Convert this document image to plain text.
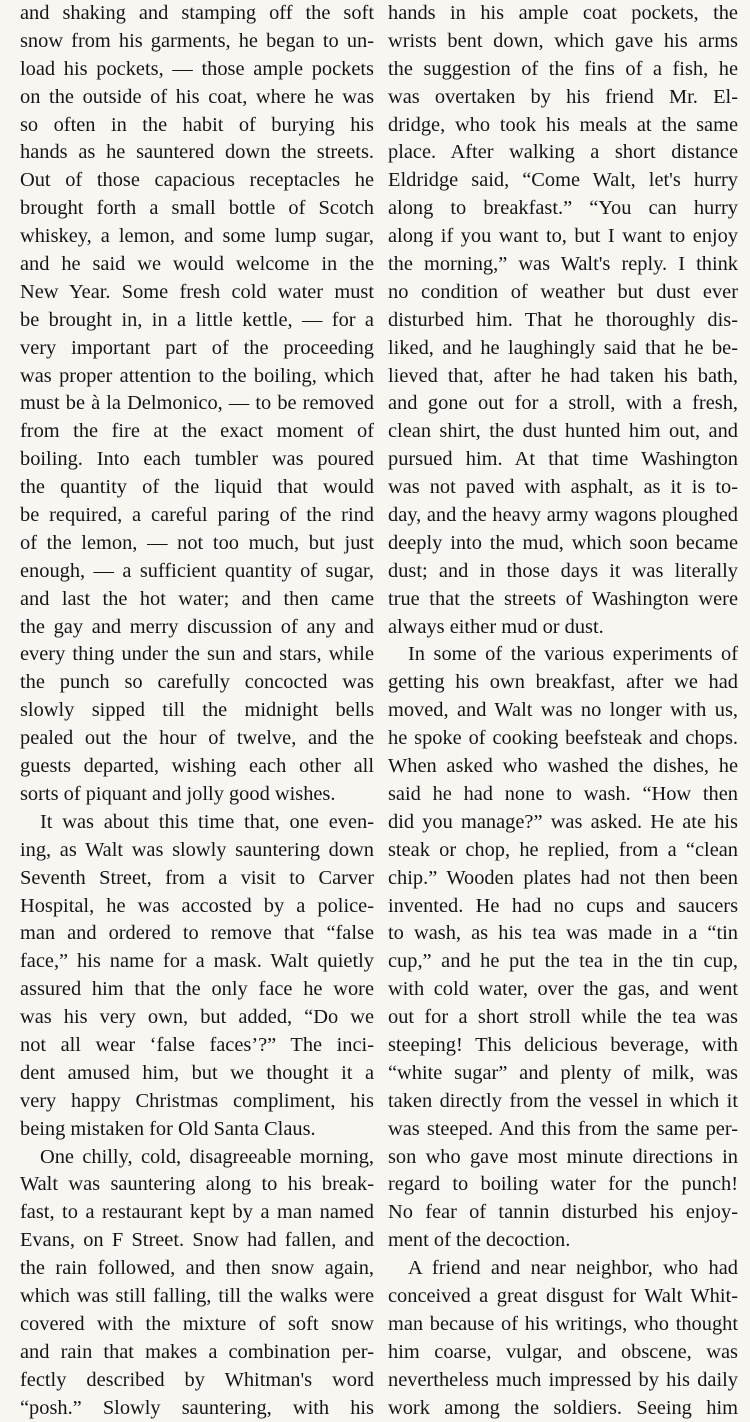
and shaking and stamping off the soft
snow from his garments, he began to un-
load his pockets, — those ample pockets
on the outside of his coat, where he was
so often in the habit of burying his
hands as he sauntered down the streets.
Out of those capacious receptacles he
brought forth a small bottle of Scotch
whiskey, a lemon, and some lump sugar,
and he said we would welcome in the
New Year. Some fresh cold water must
be brought in, in a little kettle, — for a
very important part of the proceeding
was proper attention to the boiling, which
must be à la Delmonico, — to be removed
from the fire at the exact moment of
boiling. Into each tumbler was poured
the quantity of the liquid that would
be required, a careful paring of the rind
of the lemon, — not too much, but just
enough, — a sufficient quantity of sugar,
and last the hot water; and then came
the gay and merry discussion of any and
every thing under the sun and stars, while
the punch so carefully concocted was
slowly sipped till the midnight bells
pealed out the hour of twelve, and the
guests departed, wishing each other all
sorts of piquant and jolly good wishes.
It was about this time that, one even-
ing, as Walt was slowly sauntering down
Seventh Street, from a visit to Carver
Hospital, he was accosted by a police-
man and ordered to remove that “false
face,” his name for a mask. Walt quietly
assured him that the only face he wore
was his very own, but added, “Do we
not all wear ‘false faces’?” The inci-
dent amused him, but we thought it a
very happy Christmas compliment, his
being mistaken for Old Santa Claus.
One chilly, cold, disagreeable morning,
Walt was sauntering along to his break-
fast, to a restaurant kept by a man named
Evans, on F Street. Snow had fallen, and
the rain followed, and then snow again,
which was still falling, till the walks were
covered with the mixture of soft snow
and rain that makes a combination per-
fectly described by Whitman's word
“posh.” Slowly sauntering, with his
hands in his ample coat pockets, the
wrists bent down, which gave his arms
the suggestion of the fins of a fish, he
was overtaken by his friend Mr. El-
dridge, who took his meals at the same
place. After walking a short distance
Eldridge said, “Come Walt, let's hurry
along to breakfast.” “You can hurry
along if you want to, but I want to enjoy
the morning,” was Walt's reply. I think
no condition of weather but dust ever
disturbed him. That he thoroughly dis-
liked, and he laughingly said that he be-
lieved that, after he had taken his bath,
and gone out for a stroll, with a fresh,
clean shirt, the dust hunted him out, and
pursued him. At that time Washington
was not paved with asphalt, as it is to-
day, and the heavy army wagons ploughed
deeply into the mud, which soon became
dust; and in those days it was literally
true that the streets of Washington were
always either mud or dust.
In some of the various experiments of
getting his own breakfast, after we had
moved, and Walt was no longer with us,
he spoke of cooking beefsteak and chops.
When asked who washed the dishes, he
said he had none to wash. “How then
did you manage?” was asked. He ate his
steak or chop, he replied, from a “clean
chip.” Wooden plates had not then been
invented. He had no cups and saucers
to wash, as his tea was made in a “tin
cup,” and he put the tea in the tin cup,
with cold water, over the gas, and went
out for a short stroll while the tea was
steeping! This delicious beverage, with
“white sugar” and plenty of milk, was
taken directly from the vessel in which it
was steeped. And this from the same per-
son who gave most minute directions in
regard to boiling water for the punch!
No fear of tannin disturbed his enjoy-
ment of the decoction.
A friend and near neighbor, who had
conceived a great disgust for Walt Whit-
man because of his writings, who thought
him coarse, vulgar, and obscene, was
nevertheless much impressed by his daily
work among the soldiers. Seeing him
